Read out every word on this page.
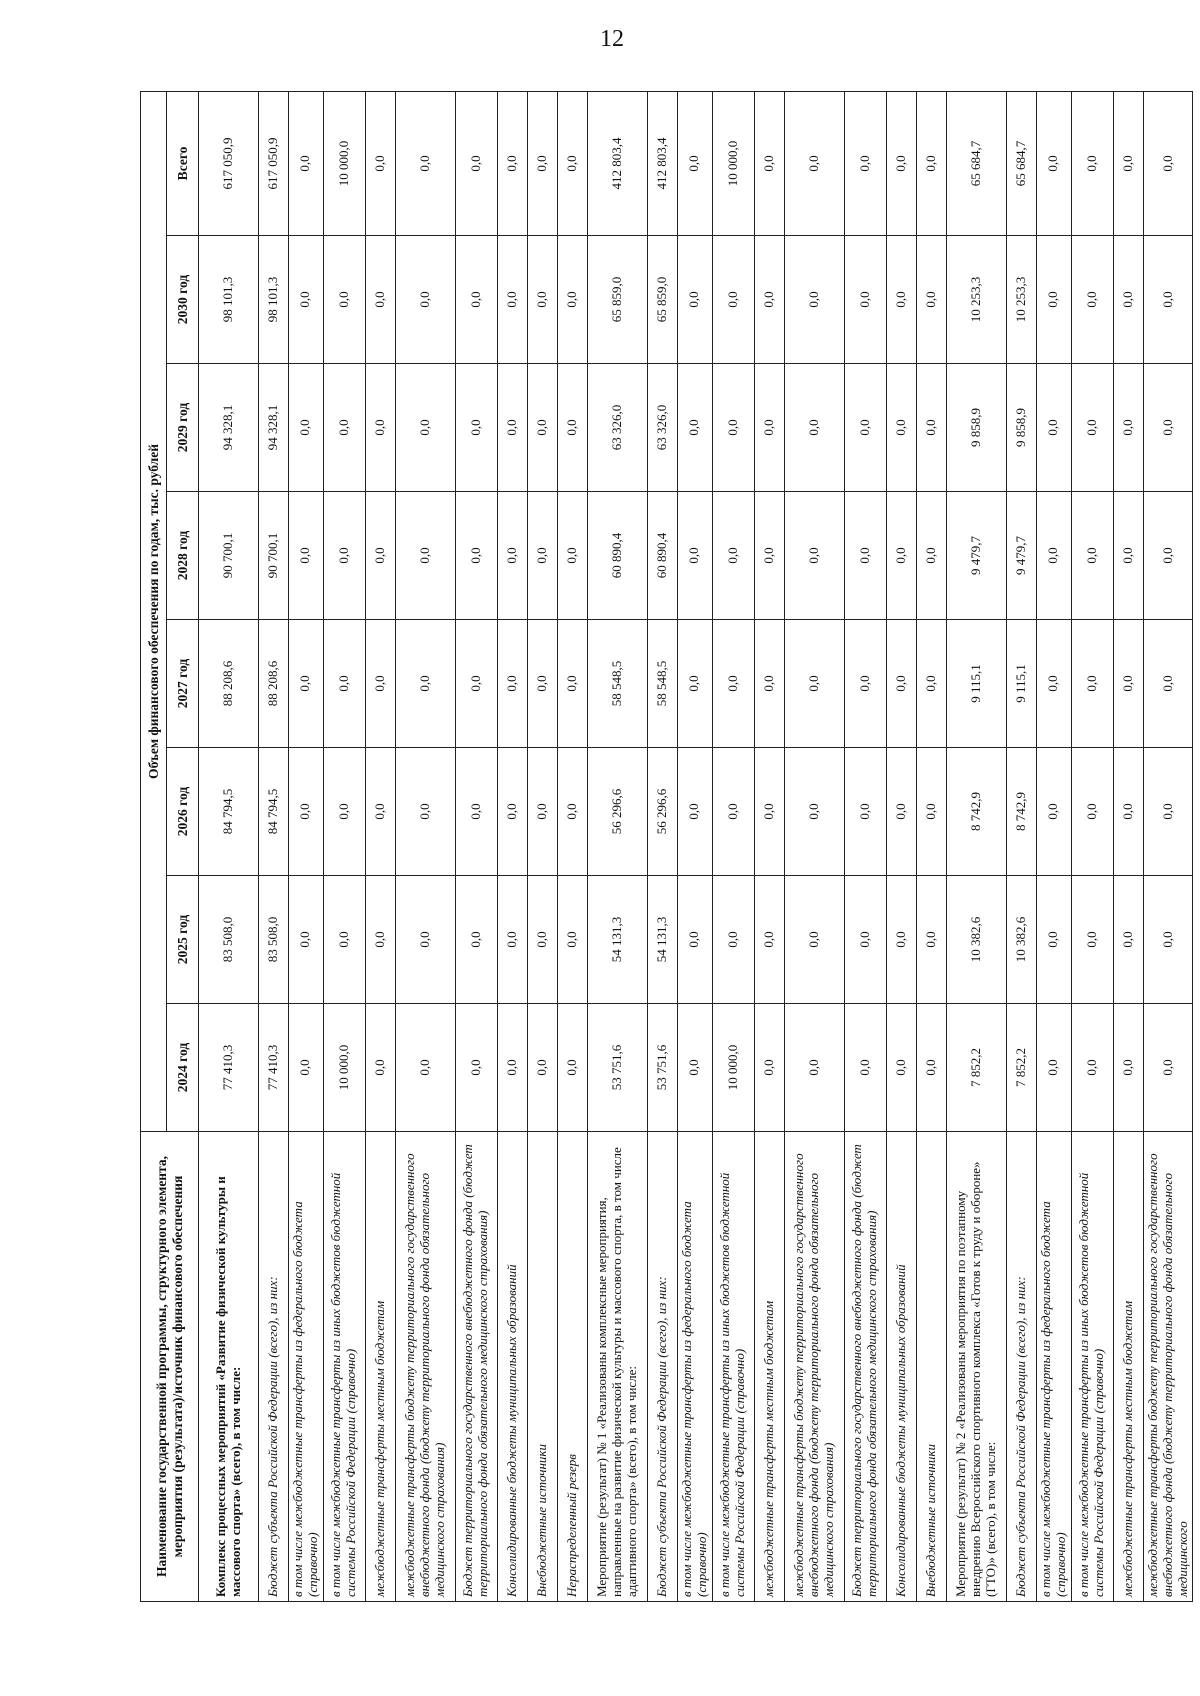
12
Наименование государственной программы, структурного элемента, мероприятия (результата)/источник финансового обеспечения	Объем финансового обеспечения по годам, тыс. рублей							
	2024 год	2025 год	2026 год	2027 год	2028 год	2029 год	2030 год	Всего
Комплекс процессных мероприятий «Развитие физической культуры и массового спорта» (всего), в том числе:	77 410,3	83 508,0	84 794,5	88 208,6	90 700,1	94 328,1	98 101,3	617 050,9
Бюджет субъекта Российской Федерации (всего), из них:	77 410,3	83 508,0	84 794,5	88 208,6	90 700,1	94 328,1	98 101,3	617 050,9
в том числе межбюджетные трансферты из федерального бюджета (справочно)	0,0	0,0	0,0	0,0	0,0	0,0	0,0	0,0
в том числе межбюджетные трансферты из иных бюджетов бюджетной системы Российской Федерации (справочно)	10 000,0	0,0	0,0	0,0	0,0	0,0	0,0	10 000,0
межбюджетные трансферты местным бюджетам	0,0	0,0	0,0	0,0	0,0	0,0	0,0	0,0
межбюджетные трансферты бюджету территориального государственного внебюджетного фонда (бюджету территориального фонда обязательного медицинского страхования)	0,0	0,0	0,0	0,0	0,0	0,0	0,0	0,0
Бюджет территориального государственного внебюджетного фонда (бюджет территориального фонда обязательного медицинского страхования)	0,0	0,0	0,0	0,0	0,0	0,0	0,0	0,0
Консолидированные бюджеты муниципальных образований	0,0	0,0	0,0	0,0	0,0	0,0	0,0	0,0
Внебюджетные источники	0,0	0,0	0,0	0,0	0,0	0,0	0,0	0,0
Нераспределенный резерв	0,0	0,0	0,0	0,0	0,0	0,0	0,0	0,0
Мероприятие (результат) № 1 «Реализованы комплексные мероприятия, направленные на развитие физической культуры и массового спорта, в том числе адаптивного спорта» (всего), в том числе:	53 751,6	54 131,3	56 296,6	58 548,5	60 890,4	63 326,0	65 859,0	412 803,4
Бюджет субъекта Российской Федерации (всего), из них:	53 751,6	54 131,3	56 296,6	58 548,5	60 890,4	63 326,0	65 859,0	412 803,4
в том числе межбюджетные трансферты из федерального бюджета (справочно)	0,0	0,0	0,0	0,0	0,0	0,0	0,0	0,0
в том числе межбюджетные трансферты из иных бюджетов бюджетной системы Российской Федерации (справочно)	10 000,0	0,0	0,0	0,0	0,0	0,0	0,0	10 000,0
межбюджетные трансферты местным бюджетам	0,0	0,0	0,0	0,0	0,0	0,0	0,0	0,0
межбюджетные трансферты бюджету территориального государственного внебюджетного фонда (бюджету территориального фонда обязательного медицинского страхования)	0,0	0,0	0,0	0,0	0,0	0,0	0,0	0,0
Бюджет территориального государственного внебюджетного фонда (бюджет территориального фонда обязательного медицинского страхования)	0,0	0,0	0,0	0,0	0,0	0,0	0,0	0,0
Консолидированные бюджеты муниципальных образований	0,0	0,0	0,0	0,0	0,0	0,0	0,0	0,0
Внебюджетные источники	0,0	0,0	0,0	0,0	0,0	0,0	0,0	0,0
Мероприятие (результат) № 2 «Реализованы мероприятия по поэтапному внедрению Всероссийского спортивного комплекса «Готов к труду и обороне» (ГТО)» (всего), в том числе:	7 852,2	10 382,6	8 742,9	9 115,1	9 479,7	9 858,9	10 253,3	65 684,7
Бюджет субъекта Российской Федерации (всего), из них:	7 852,2	10 382,6	8 742,9	9 115,1	9 479,7	9 858,9	10 253,3	65 684,7
в том числе межбюджетные трансферты из федерального бюджета (справочно)	0,0	0,0	0,0	0,0	0,0	0,0	0,0	0,0
в том числе межбюджетные трансферты из иных бюджетов бюджетной системы Российской Федерации (справочно)	0,0	0,0	0,0	0,0	0,0	0,0	0,0	0,0
межбюджетные трансферты местным бюджетам	0,0	0,0	0,0	0,0	0,0	0,0	0,0	0,0
межбюджетные трансферты бюджету территориального государственного внебюджетного фонда (бюджету территориального фонда обязательного медицинского	0,0	0,0	0,0	0,0	0,0	0,0	0,0	0,0
